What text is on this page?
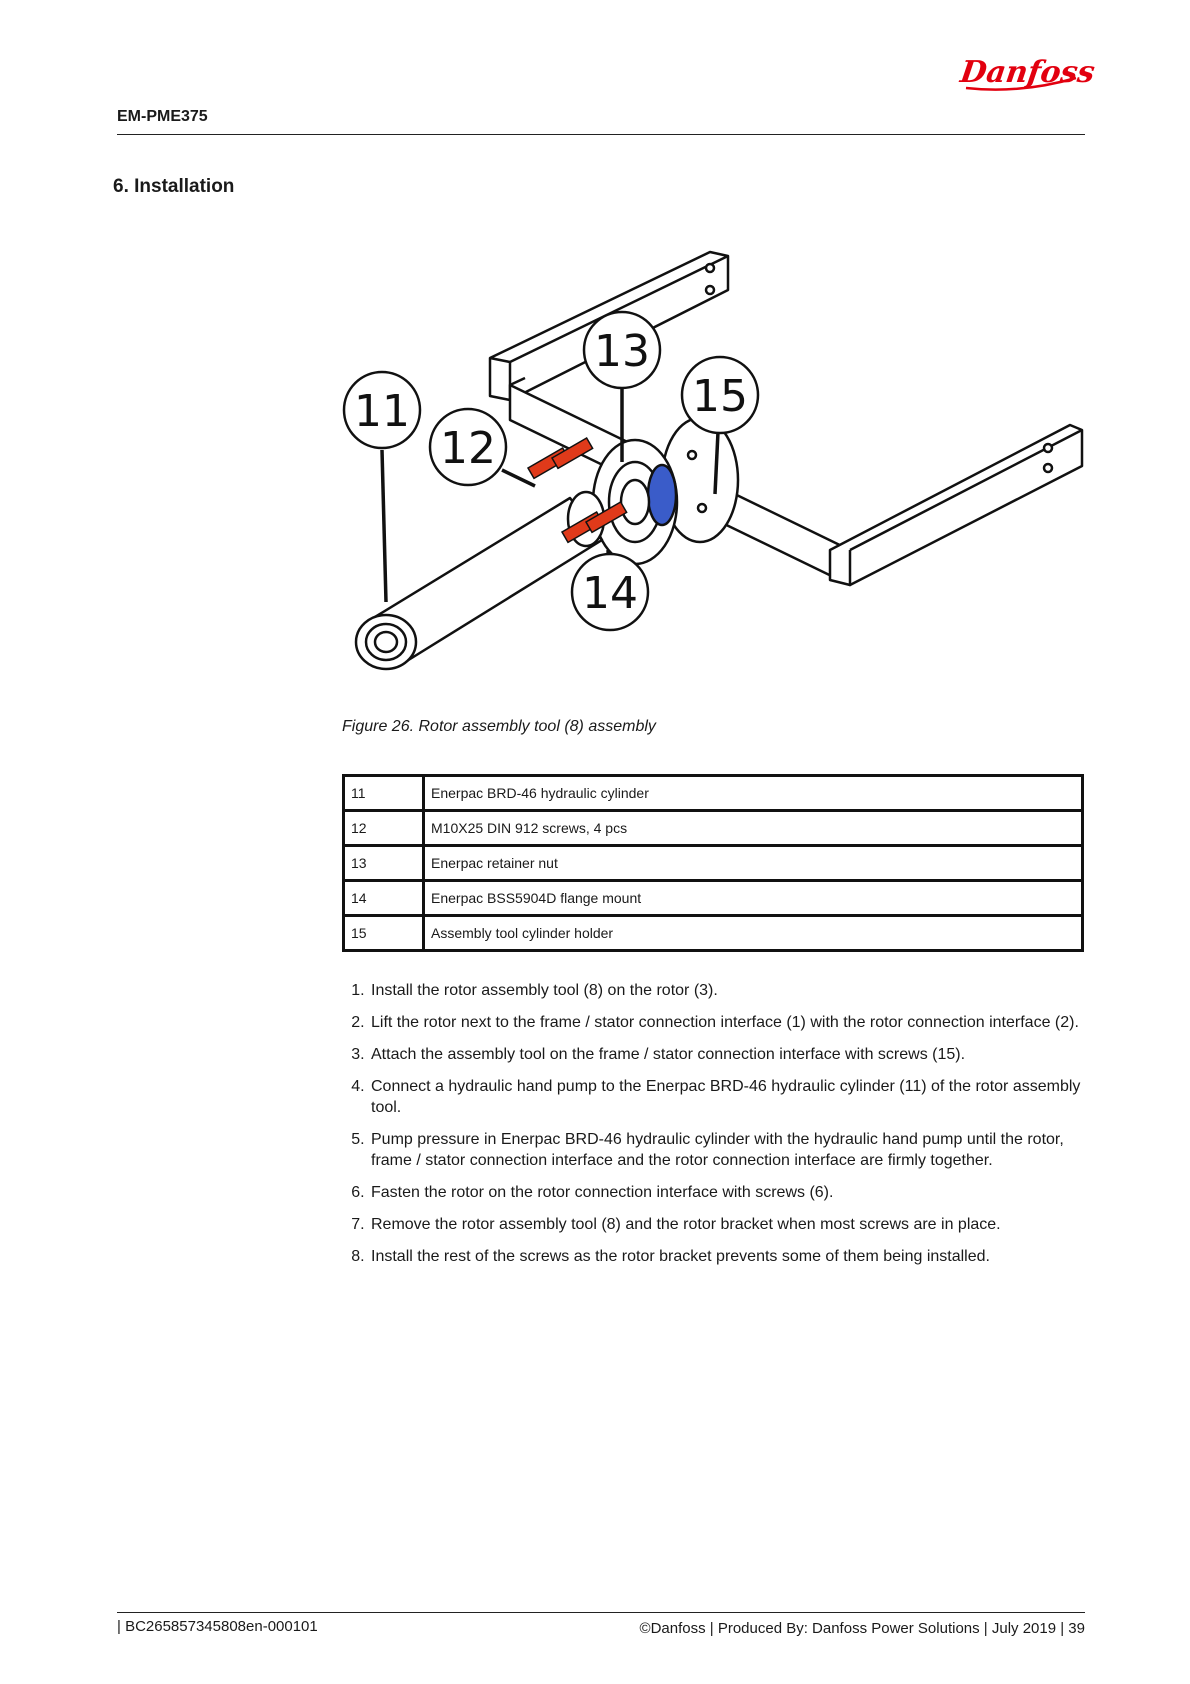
Danfoss
EM-PME375
6. Installation
11
12
13
14
15
Figure 26. Rotor assembly tool (8) assembly
11	Enerpac BRD-46 hydraulic cylinder
12	M10X25 DIN 912 screws, 4 pcs
13	Enerpac retainer nut
14	Enerpac BSS5904D flange mount
15	Assembly tool cylinder holder
1. Install the rotor assembly tool (8) on the rotor (3).
2. Lift the rotor next to the frame / stator connection interface (1) with the rotor connection interface (2).
3. Attach the assembly tool on the frame / stator connection interface with screws (15).
4. Connect a hydraulic hand pump to the Enerpac BRD-46 hydraulic cylinder (11) of the rotor assembly tool.
5. Pump pressure in Enerpac BRD-46 hydraulic cylinder with the hydraulic hand pump until the rotor, frame / stator connection interface and the rotor connection interface are firmly together.
6. Fasten the rotor on the rotor connection interface with screws (6).
7. Remove the rotor assembly tool (8) and the rotor bracket when most screws are in place.
8. Install the rest of the screws as the rotor bracket prevents some of them being installed.
| BC265857345808en-000101	©Danfoss | Produced By: Danfoss Power Solutions | July 2019 | 39
